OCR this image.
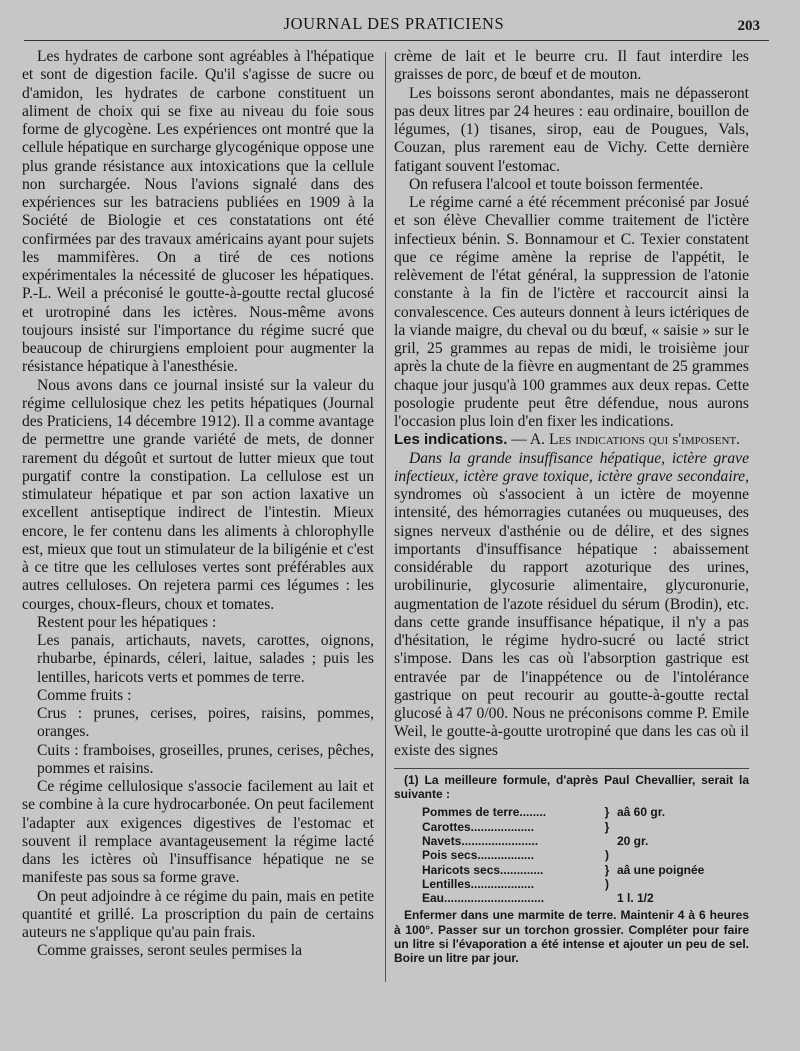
JOURNAL DES PRATICIENS	203

Les hydrates de carbone sont agréables à l'hépatique et sont de digestion facile. Qu'il s'agisse de sucre ou d'amidon, les hydrates de carbone constituent un aliment de choix qui se fixe au niveau du foie sous forme de glycogène. Les expériences ont montré que la cellule hépatique en surcharge glycogénique oppose une plus grande résistance aux intoxications que la cellule non surchargée. Nous l'avions signalé dans des expériences sur les batraciens publiées en 1909 à la Société de Biologie et ces constatations ont été confirmées par des travaux américains ayant pour sujets les mammifères. On a tiré de ces notions expérimentales la nécessité de glucoser les hépatiques. P.-L. Weil a préconisé le goutte-à-goutte rectal glucosé et urotropiné dans les ictères. Nous-même avons toujours insisté sur l'importance du régime sucré que beaucoup de chirurgiens emploient pour augmenter la résistance hépatique à l'anesthésie.

Nous avons dans ce journal insisté sur la valeur du régime cellulosique chez les petits hépatiques (Journal des Praticiens, 14 décembre 1912). Il a comme avantage de permettre une grande variété de mets, de donner rarement du dégoût et surtout de lutter mieux que tout purgatif contre la constipation. La cellulose est un stimulateur hépatique et par son action laxative un excellent antiseptique indirect de l'intestin. Mieux encore, le fer contenu dans les aliments à chlorophylle est, mieux que tout un stimulateur de la biligénie et c'est à ce titre que les celluloses vertes sont préférables aux autres celluloses. On rejetera parmi ces légumes : les courges, choux-fleurs, choux et tomates.

Restent pour les hépatiques :

Les panais, artichauts, navets, carottes, oignons, rhubarbe, épinards, céleri, laitue, salades ; puis les lentilles, haricots verts et pommes de terre.

Comme fruits :

Crus : prunes, cerises, poires, raisins, pommes, oranges.

Cuits : framboises, groseilles, prunes, cerises, pêches, pommes et raisins.

Ce régime cellulosique s'associe facilement au lait et se combine à la cure hydrocarbonée. On peut facilement l'adapter aux exigences digestives de l'estomac et souvent il remplace avantageusement la régime lacté dans les ictères où l'insuffisance hépatique ne se manifeste pas sous sa forme grave.

On peut adjoindre à ce régime du pain, mais en petite quantité et grillé. La proscription du pain de certains auteurs ne s'applique qu'au pain frais.

Comme graisses, seront seules permises la

crème de lait et le beurre cru. Il faut interdire les graisses de porc, de bœuf et de mouton.

Les boissons seront abondantes, mais ne dépasseront pas deux litres par 24 heures : eau ordinaire, bouillon de légumes, (1) tisanes, sirop, eau de Pougues, Vals, Couzan, plus rarement eau de Vichy. Cette dernière fatigant souvent l'estomac.

On refusera l'alcool et toute boisson fermentée.

Le régime carné a été récemment préconisé par Josué et son élève Chevallier comme traitement de l'ictère infectieux bénin. S. Bonnamour et C. Texier constatent que ce régime amène la reprise de l'appétit, le relèvement de l'état général, la suppression de l'atonie constante à la fin de l'ictère et raccourcit ainsi la convalescence. Ces auteurs donnent à leurs ictériques de la viande maigre, du cheval ou du bœuf, « saisie » sur le gril, 25 grammes au repas de midi, le troisième jour après la chute de la fièvre en augmentant de 25 grammes chaque jour jusqu'à 100 grammes aux deux repas. Cette posologie prudente peut être défendue, nous aurons l'occasion plus loin d'en fixer les indications.

Les indications. — A. Les indications qui s'imposent.

Dans la grande insuffisance hépatique, ictère grave infectieux, ictère grave toxique, ictère grave secondaire, syndromes où s'associent à un ictère de moyenne intensité, des hémorragies cutanées ou muqueuses, des signes nerveux d'asthénie ou de délire, et des signes importants d'insuffisance hépatique : abaissement considérable du rapport azoturique des urines, urobilinurie, glycosurie alimentaire, glycuronurie, augmentation de l'azote résiduel du sérum (Brodin), etc. dans cette grande insuffisance hépatique, il n'y a pas d'hésitation, le régime hydro-sucré ou lacté strict s'impose. Dans les cas où l'absorption gastrique est entravée par de l'inappétence ou de l'intolérance gastrique on peut recourir au goutte-à-goutte rectal glucosé à 47 0/00. Nous ne préconisons comme P. Emile Weil, le goutte-à-goutte urotropiné que dans les cas où il existe des signes

(1) La meilleure formule, d'après Paul Chevallier, serait la suivante :
Pommes de terre........	} aâ 60 gr.
Carottes...................	}
Navets.......................	20 gr.
Pois secs.................	)
Haricots secs.............	} aâ une poignée
Lentilles...................	)
Eau..............................	1 l. 1/2
Enfermer dans une marmite de terre. Maintenir 4 à 6 heures à 100°. Passer sur un torchon grossier. Compléter pour faire un litre si l'évaporation a été intense et ajouter un peu de sel. Boire un litre par jour.
